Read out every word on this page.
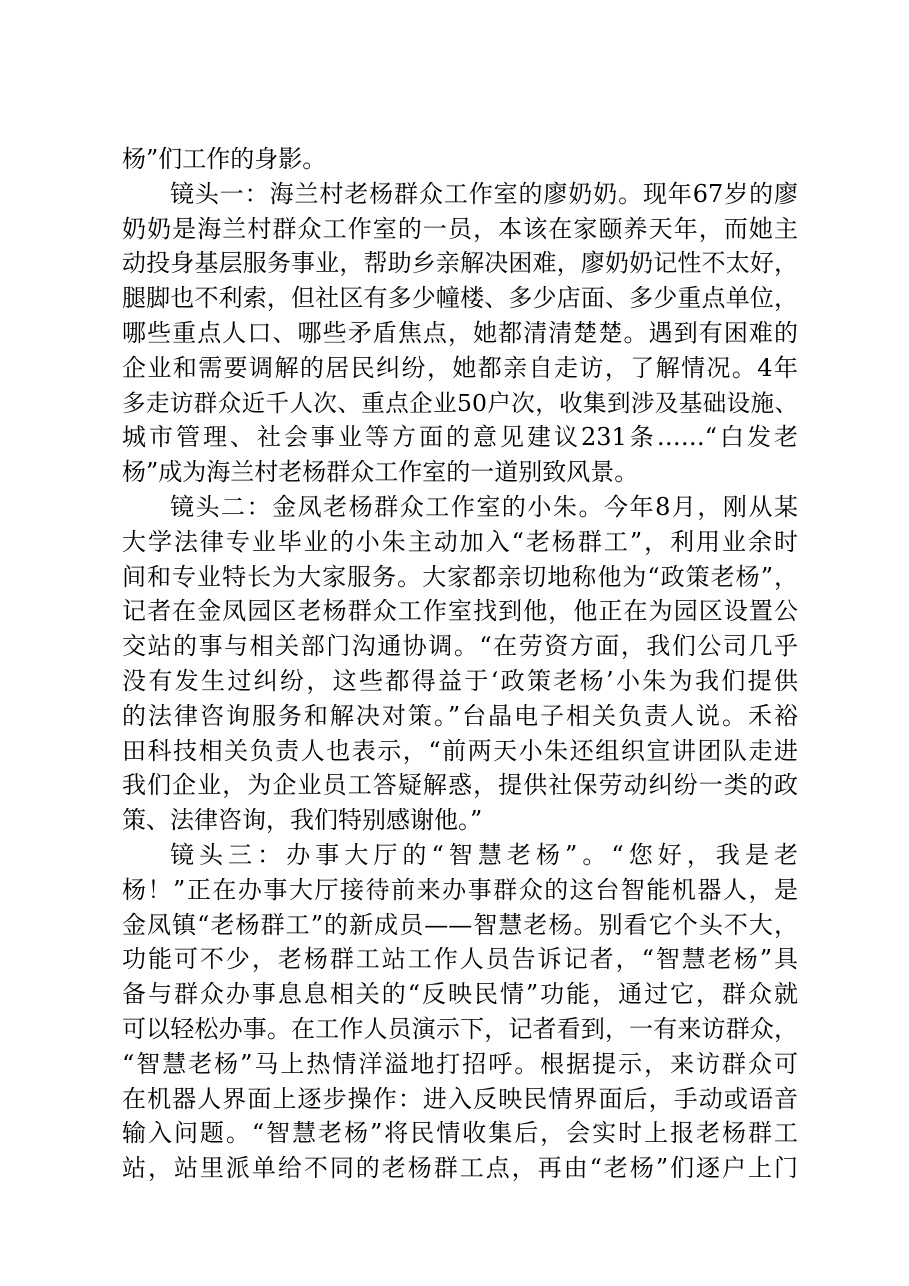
杨”们工作的身影。
镜头一：海兰村老杨群众工作室的廖奶奶。现年67岁的廖
奶奶是海兰村群众工作室的一员，本该在家颐养天年，而她主
动投身基层服务事业，帮助乡亲解决困难，廖奶奶记性不太好，
腿脚也不利索，但社区有多少幢楼、多少店面、多少重点单位，
哪些重点人口、哪些矛盾焦点，她都清清楚楚。遇到有困难的
企业和需要调解的居民纠纷，她都亲自走访，了解情况。4年
多走访群众近千人次、重点企业50户次，收集到涉及基础设施、
城市管理、社会事业等方面的意见建议231条……“白发老
杨”成为海兰村老杨群众工作室的一道别致风景。
镜头二：金凤老杨群众工作室的小朱。今年8月，刚从某
大学法律专业毕业的小朱主动加入“老杨群工”，利用业余时
间和专业特长为大家服务。大家都亲切地称他为“政策老杨”，
记者在金凤园区老杨群众工作室找到他，他正在为园区设置公
交站的事与相关部门沟通协调。“在劳资方面，我们公司几乎
没有发生过纠纷，这些都得益于‘政策老杨’小朱为我们提供
的法律咨询服务和解决对策。”台晶电子相关负责人说。禾裕
田科技相关负责人也表示，“前两天小朱还组织宣讲团队走进
我们企业，为企业员工答疑解惑，提供社保劳动纠纷一类的政
策、法律咨询，我们特别感谢他。”
镜头三：办事大厅的“智慧老杨”。“您好，我是老
杨！”正在办事大厅接待前来办事群众的这台智能机器人，是
金凤镇“老杨群工”的新成员——智慧老杨。别看它个头不大，
功能可不少，老杨群工站工作人员告诉记者，“智慧老杨”具
备与群众办事息息相关的“反映民情”功能，通过它，群众就
可以轻松办事。在工作人员演示下，记者看到，一有来访群众，
“智慧老杨”马上热情洋溢地打招呼。根据提示，来访群众可
在机器人界面上逐步操作：进入反映民情界面后，手动或语音
输入问题。“智慧老杨”将民情收集后，会实时上报老杨群工
站，站里派单给不同的老杨群工点，再由“老杨”们逐户上门
